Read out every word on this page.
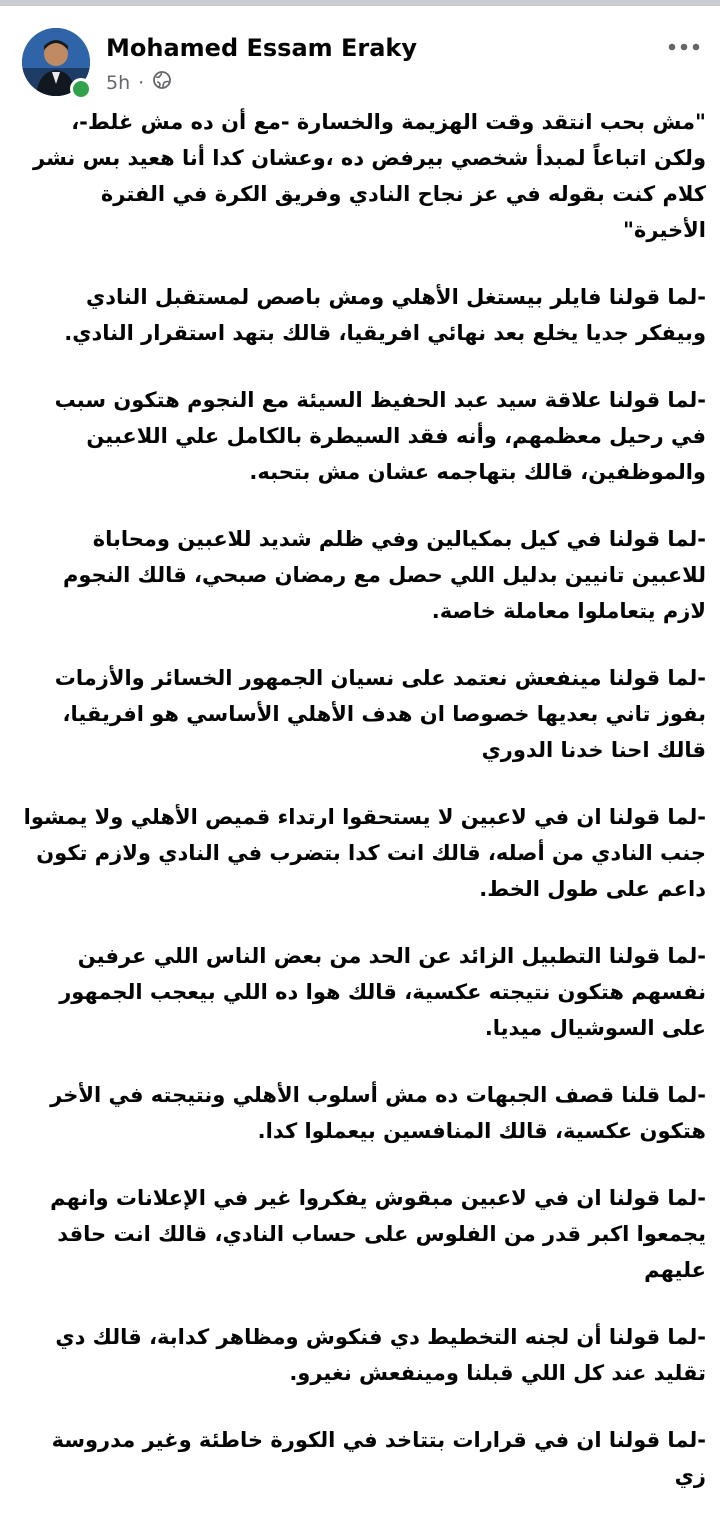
Mohamed Essam Eraky
5h ·

"مش بحب انتقد وقت الهزيمة والخسارة -مع أن ده مش غلط-، ولكن اتباعاً لمبدأ شخصي بيرفض ده ،وعشان كدا أنا هعيد بس نشر كلام كنت بقوله في عز نجاح النادي وفريق الكرة في الفترة الأخيرة"

-لما قولنا فايلر بيستغل الأهلي ومش باصص لمستقبل النادي وبيفكر جديا يخلع بعد نهائي افريقيا، قالك بتهد استقرار النادي.

-لما قولنا علاقة سيد عبد الحفيظ السيئة مع النجوم هتكون سبب في رحيل معظمهم، وأنه فقد السيطرة بالكامل علي اللاعبين والموظفين، قالك بتهاجمه عشان مش بتحبه.

-لما قولنا في كيل بمكيالين وفي ظلم شديد للاعبين ومحاباة للاعبين تانيين بدليل اللي حصل مع رمضان صبحي، قالك النجوم لازم يتعاملوا معاملة خاصة.

-لما قولنا مينفعش نعتمد على نسيان الجمهور الخسائر والأزمات بفوز تاني بعديها خصوصا ان هدف الأهلي الأساسي هو افريقيا، قالك احنا خدنا الدوري

-لما قولنا ان في لاعبين لا يستحقوا ارتداء قميص الأهلي ولا يمشوا جنب النادي من أصله، قالك انت كدا بتضرب في النادي ولازم تكون داعم على طول الخط.

-لما قولنا التطبيل الزائد عن الحد من بعض الناس اللي عرفين نفسهم هتكون نتيجته عكسية، قالك هوا ده اللي بيعجب الجمهور على السوشيال ميديا.

-لما قلنا قصف الجبهات ده مش أسلوب الأهلي ونتيجته في الأخر هتكون عكسية، قالك المنافسين بيعملوا كدا.

-لما قولنا ان في لاعبين مبقوش يفكروا غير في الإعلانات وانهم يجمعوا اكبر قدر من الفلوس على حساب النادي، قالك انت حاقد عليهم

-لما قولنا أن لجنه التخطيط دي فنكوش ومظاهر كدابة، قالك دي تقليد عند كل اللي قبلنا ومينفعش نغيرو.

-لما قولنا ان في قرارات بتتاخد في الكورة خاطئة وغير مدروسة زي
